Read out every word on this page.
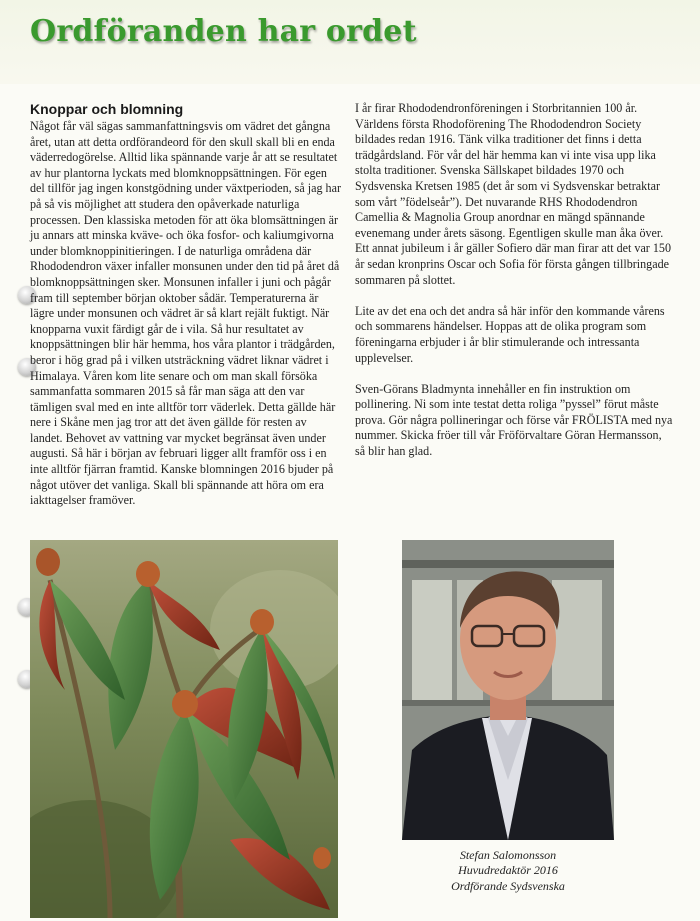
Ordföranden har ordet
Knoppar och blomning

Något får väl sägas sammanfattningsvis om vädret det gångna året, utan att detta ordförandeord för den skull skall bli en enda väderredogörelse. Alltid lika spännande varje år att se resultatet av hur plantorna lyckats med blomknoppsättningen. För egen del tillför jag ingen konstgödning under växtperioden, så jag har på så vis möjlighet att studera den opåverkade naturliga processen. Den klassiska metoden för att öka blomsättningen är ju annars att minska kväve- och öka fosfor- och kaliumgivorna under blomknoppinitieringen. I de naturliga områdena där Rhododendron växer infaller monsunen under den tid på året då blomknoppsättningen sker. Monsunen infaller i juni och pågår fram till september början oktober sådär. Temperaturerna är lägre under monsunen och vädret är så klart rejält fuktigt. När knopparna vuxit färdigt går de i vila. Så hur resultatet av knoppsättningen blir här hemma, hos våra plantor i trädgården, beror i hög grad på i vilken utsträckning vädret liknar vädret i Himalaya. Våren kom lite senare och om man skall försöka sammanfatta sommaren 2015 så får man säga att den var tämligen sval med en inte alltför torr väderlek. Detta gällde här nere i Skåne men jag tror att det även gällde för resten av landet. Behovet av vattning var mycket begränsat även under augusti. Så här i början av februari ligger allt framför oss i en inte alltför fjärran framtid. Kanske blomningen 2016 bjuder på något utöver det vanliga. Skall bli spännande att höra om era iakttagelser framöver.

I år firar Rhododendronföreningen i Storbritannien 100 år. Världens första Rhodoförening The Rhododendron Society bildades redan 1916. Tänk vilka traditioner det finns i detta trädgårdsland. För vår del här hemma kan vi inte visa upp lika stolta traditioner. Svenska Sällskapet bildades 1970 och Sydsvenska Kretsen 1985 (det år som vi Sydsvenskar betraktar som vårt ”födelseår”). Det nuvarande RHS Rhododendron Camellia & Magnolia Group anordnar en mängd spännande evenemang under årets säsong. Egentligen skulle man åka över. Ett annat jubileum i år gäller Sofiero där man firar att det var 150 år sedan kronprins Oscar och Sofia för första gången tillbringade sommaren på slottet.

Lite av det ena och det andra så här inför den kommande vårens och sommarens händelser. Hoppas att de olika program som föreningarna erbjuder i år blir stimulerande och intressanta upplevelser.

Sven-Görans Bladmynta innehåller en fin instruktion om pollinering. Ni som inte testat detta roliga ”pyssel” förut måste prova. Gör några pollineringar och förse vår FRÖLISTA med nya nummer. Skicka fröer till vår Fröförvaltare Göran Hermansson, så blir han glad.

Stefan Salomonsson
Huvudredaktör 2016
Ordförande Sydsvenska
